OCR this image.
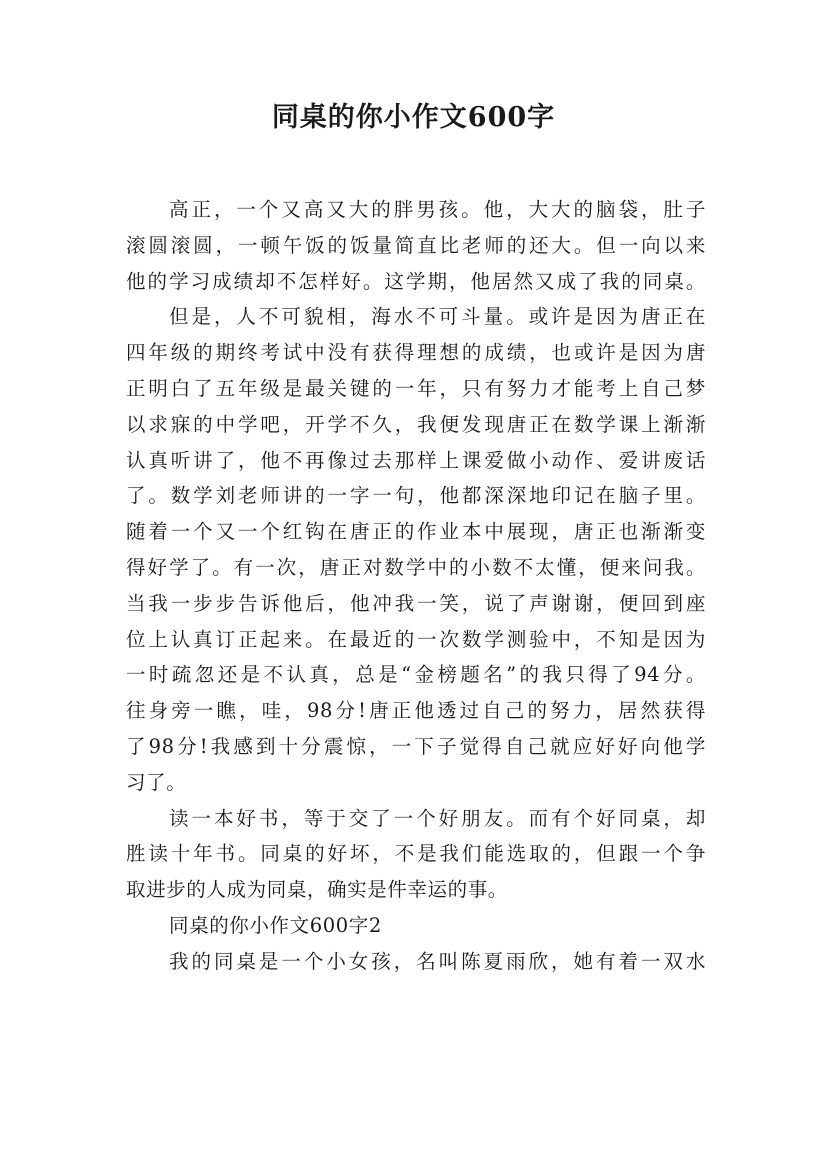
同桌的你小作文600字
高正，一个又高又大的胖男孩。他，大大的脑袋，肚子
滚圆滚圆，一顿午饭的饭量简直比老师的还大。但一向以来
他的学习成绩却不怎样好。这学期，他居然又成了我的同桌。
但是，人不可貌相，海水不可斗量。或许是因为唐正在
四年级的期终考试中没有获得理想的成绩，也或许是因为唐
正明白了五年级是最关键的一年，只有努力才能考上自己梦
以求寐的中学吧，开学不久，我便发现唐正在数学课上渐渐
认真听讲了，他不再像过去那样上课爱做小动作、爱讲废话
了。数学刘老师讲的一字一句，他都深深地印记在脑子里。
随着一个又一个红钩在唐正的作业本中展现，唐正也渐渐变
得好学了。有一次，唐正对数学中的小数不太懂，便来问我。
当我一步步告诉他后，他冲我一笑，说了声谢谢，便回到座
位上认真订正起来。在最近的一次数学测验中，不知是因为
一时疏忽还是不认真，总是“金榜题名”的我只得了94分。
往身旁一瞧，哇，98分!唐正他透过自己的努力，居然获得
了98分!我感到十分震惊，一下子觉得自己就应好好向他学
习了。
读一本好书，等于交了一个好朋友。而有个好同桌，却
胜读十年书。同桌的好坏，不是我们能选取的，但跟一个争
取进步的人成为同桌，确实是件幸运的事。
同桌的你小作文600字2
我的同桌是一个小女孩，名叫陈夏雨欣，她有着一双水
